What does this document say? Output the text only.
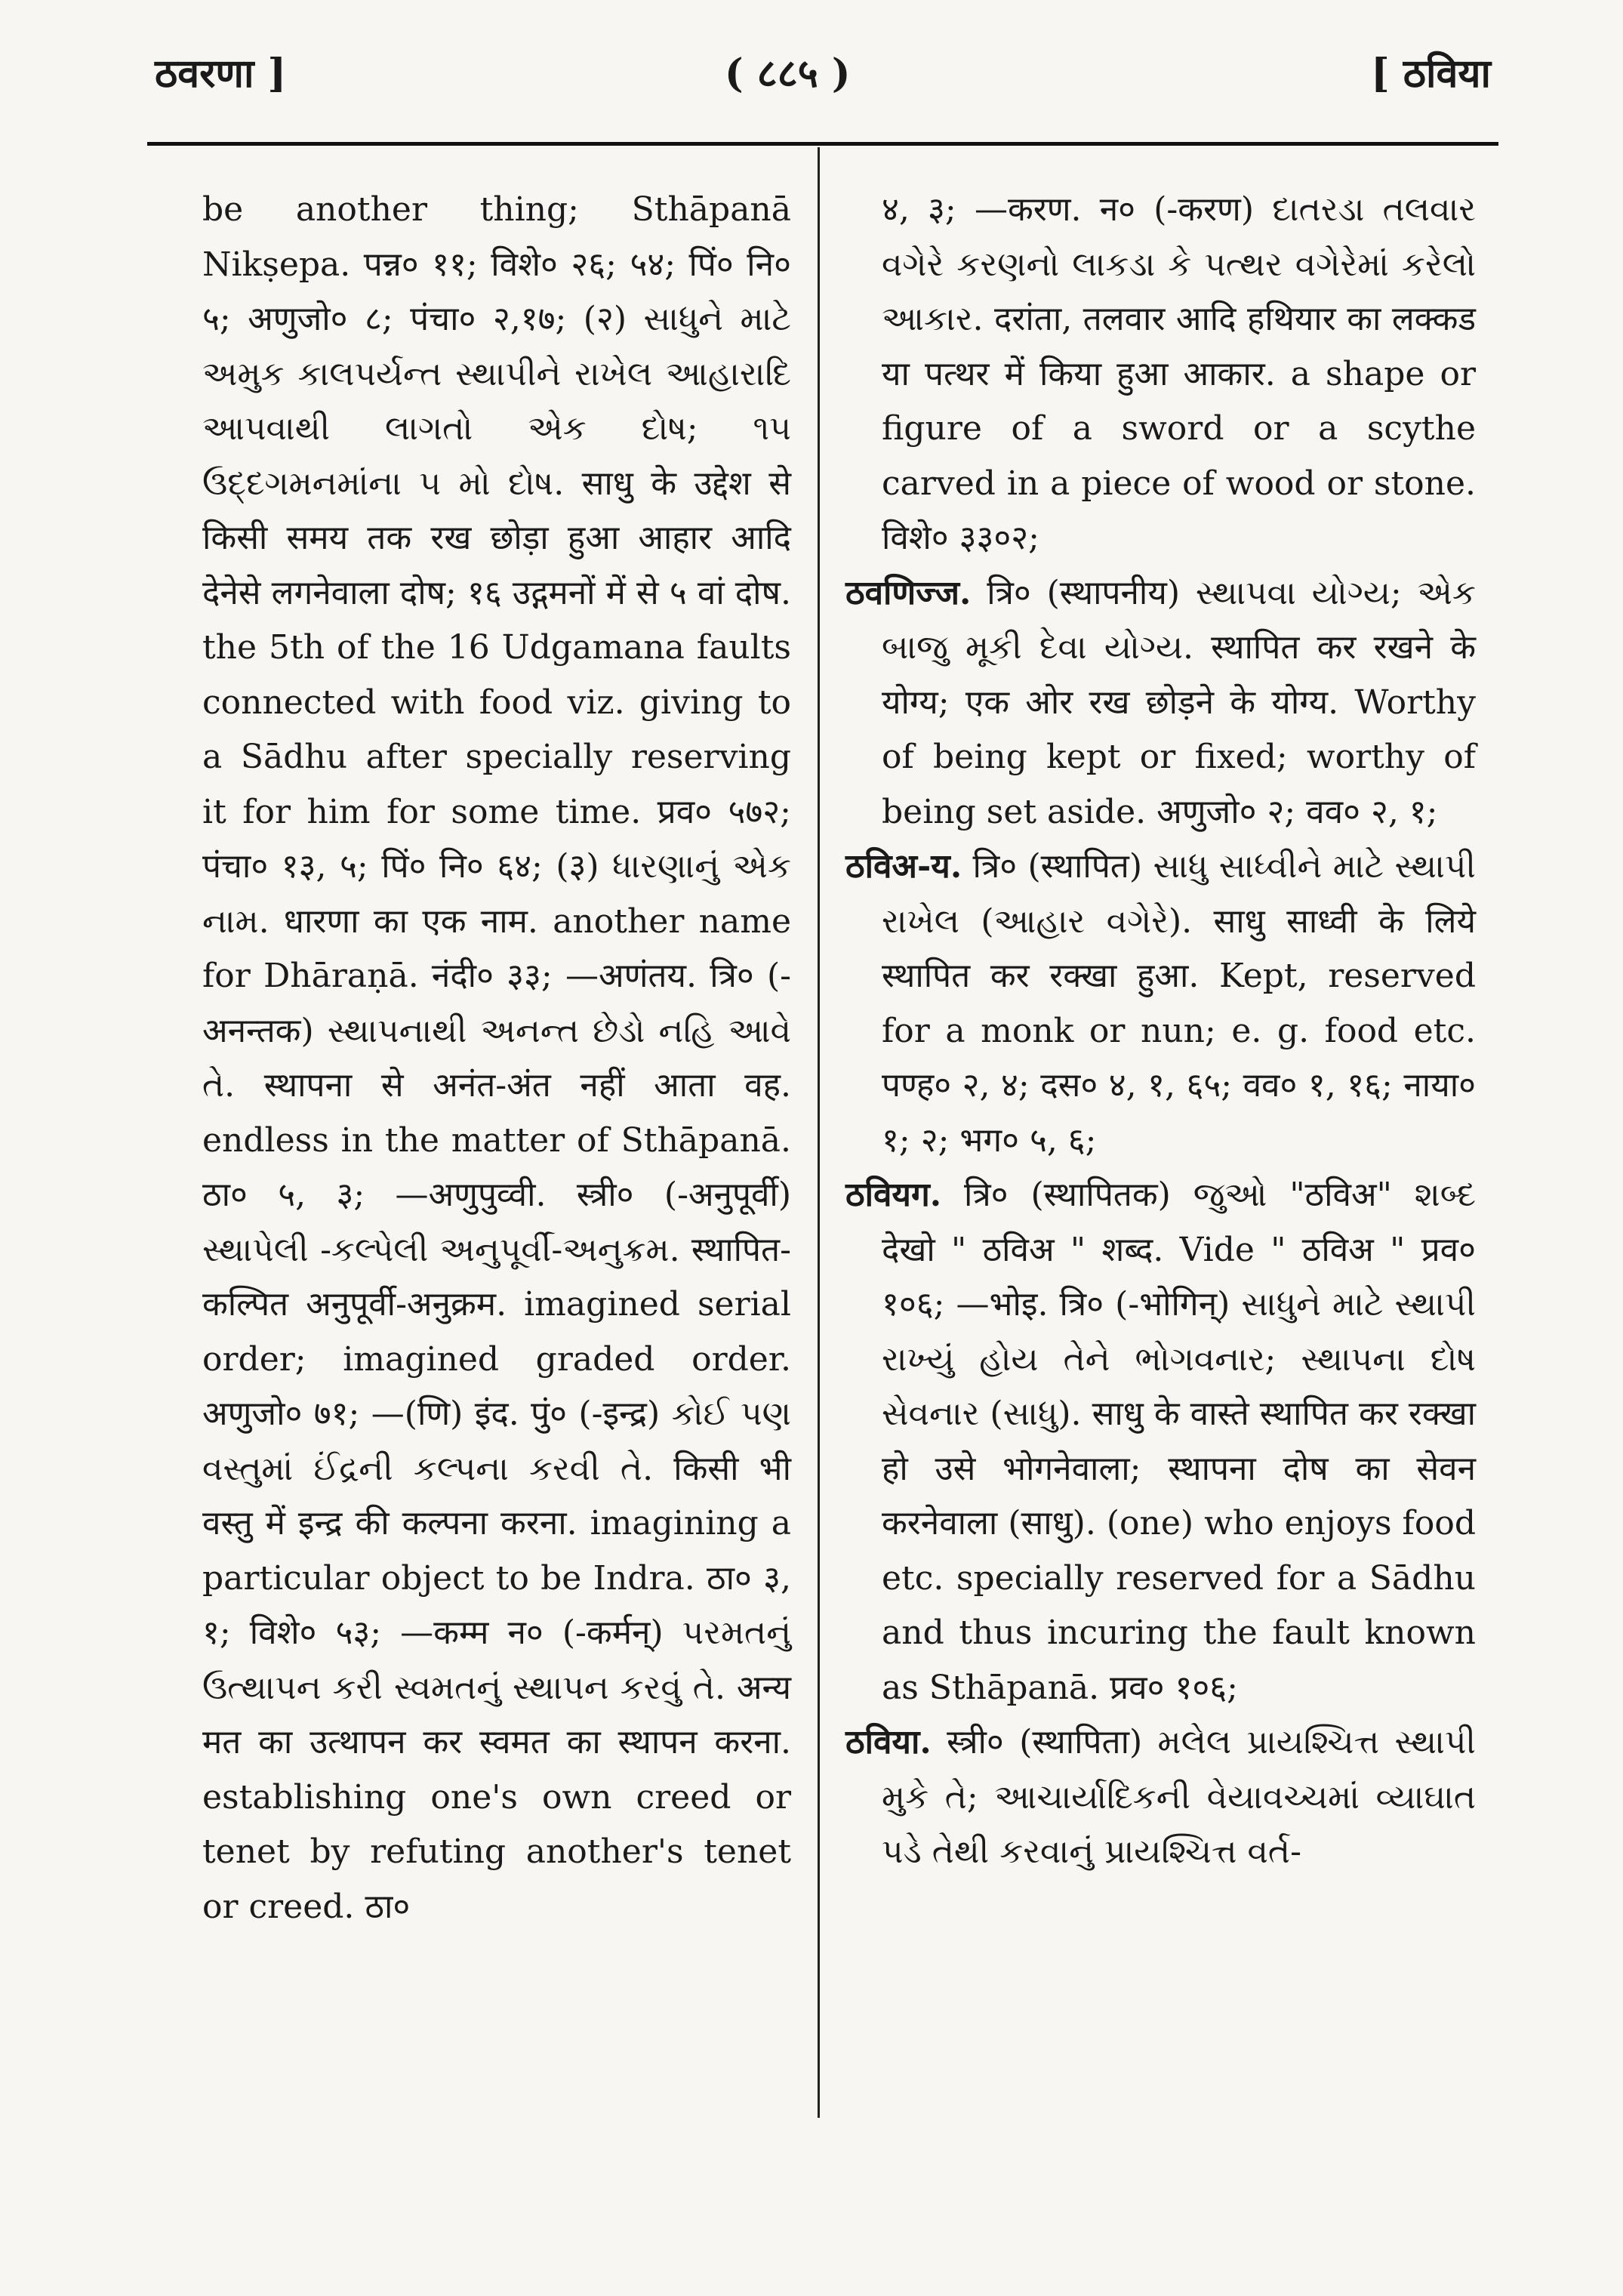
ठवरणा ]	( ८८५ )	[ ठविया

be another thing; Sthāpanā Nikṣepa. पन्न० ११; विशे० २६; ५४; पिं० नि० ५; अणुजो० ८; पंचा० २,१७; (२) સાધુને માટે અમુક કાલપર્યન્ત સ્થાપીને રાખેલ આહારાદિ આપવાથી લાગતો એક દોષ; ૧૫ ઉદ્દગમનમાંના ૫ મો દોષ. साधु के उद्देश से किसी समय तक रख छोड़ा हुआ आहार आदि देनेसे लगनेवाला दोष; १६ उद्गमनों में से ५ वां दोष. the 5th of the 16 Udgamana faults connected with food viz. giving to a Sādhu after specially reserving it for him for some time. प्रव० ५७२; पंचा० १३, ५; पिं० नि० ६४; (३) ધારણાનું એક નામ. धारणा का एक नाम. another name for Dhāraṇā. नंदी० ३३; —अणंतय. त्रि० (-अनन्तक) સ્થાપનાથી અનન્ત છેડો નહિ આવે તે. स्थापना से अनंत-अंत नहीं आता वह. endless in the matter of Sthāpanā. ठा० ५, ३; —अणुपुव्वी. स्त्री० (-अनुपूर्वी) સ્થાપેલી -કલ્પેલી અનુપૂર્વી-અનુક્રમ. स्थापित-कल्पित अनुपूर्वी-अनुक्रम. imagined serial order; imagined graded order. अणुजो० ७१; —(णि) इंद. पुं० (-इन्द्र) કોઈ પણ વસ્તુમાં ઈંદ્રની કલ્પના કરવી તે. किसी भी वस्तु में इन्द्र की कल्पना करना. imagining a particular object to be Indra. ठा० ३, १; विशे० ५३; —कम्म न० (-कर्मन्) પરમતનું ઉત્થાપન કરી સ્વમતનું સ્થાપન કરવું તે. अन्य मत का उत्थापन कर स्वमत का स्थापन करना. establishing one's own creed or tenet by refuting another's tenet or creed. ठा०

४, ३; —करण. न० (-करण) દાતરડા તલવાર વગેરે કરણનો લાકડા કે પત્થર વગેરેમાં કરેલો આકાર. दरांता, तलवार आदि हथियार का लक्कड या पत्थर में किया हुआ आकार. a shape or figure of a sword or a scythe carved in a piece of wood or stone. विशे० ३३०२;

ठवणिज्ज. त्रि० (स्थापनीय) સ્થાપવા યોગ્ય; એક બાજુ મૂકી દેવા યોગ્ય. स्थापित कर रखने के योग्य; एक ओर रख छोड़ने के योग्य. Worthy of being kept or fixed; worthy of being set aside. अणुजो० २; वव० २, १;

ठविअ-य. त्रि० (स्थापित) સાધુ સાધ્વીને માટે સ્થાપી રાખેલ (આહાર વગેરે). साधु साध्वी के लिये स्थापित कर रक्खा हुआ. Kept, reserved for a monk or nun; e. g. food etc. पण्ह० २, ४; दस० ४, १, ६५; वव० १, १६; नाया० १; २; भग० ५, ६;

ठवियग. त्रि० (स्थापितक) જુઓ "ठविअ" શબ્દ देखो " ठविअ " शब्द. Vide " ठविअ " प्रव० १०६; —भोइ. त्रि० (-भोगिन्) સાધુને માટે સ્થાપી રાખ્યું હોય તેને ભોગવનાર; સ્થાપના દોષ સેવનાર (સાધુ). साधु के वास्ते स्थापित कर रक्खा हो उसे भोगनेवाला; स्थापना दोष का सेवन करनेवाला (साधु). (one) who enjoys food etc. specially reserved for a Sādhu and thus incuring the fault known as Sthāpanā. प्रव० १०६;

ठविया. स्त्री० (स्थापिता) મલેલ પ્રાયશ્ચિત્ત સ્થાપી મુકે તે; આચાર્યાદિકની વેયાવચ્ચમાં વ્યાઘાત પડે તેથી કરવાનું પ્રાયશ્ચિત્ત વર્ત-
